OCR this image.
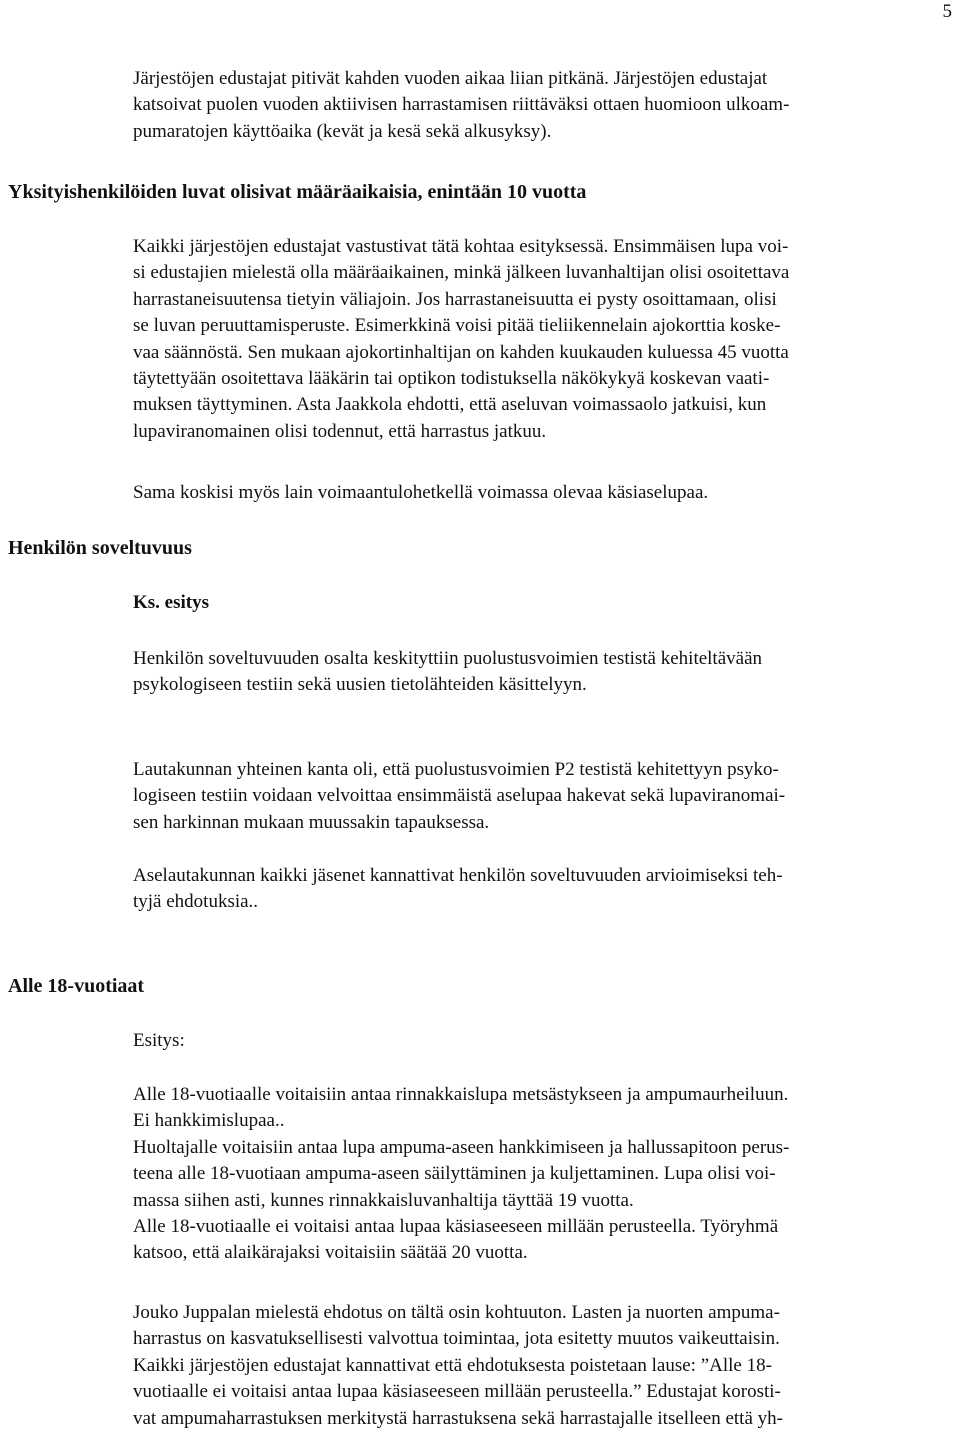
5
Järjestöjen edustajat pitivät kahden vuoden aikaa liian pitkänä. Järjestöjen edustajat
katsoivat puolen vuoden aktiivisen harrastamisen riittäväksi ottaen huomioon ulkoam-
pumaratojen käyttöaika (kevät ja kesä sekä alkusyksy).
Yksityishenkilöiden luvat olisivat määräaikaisia, enintään 10 vuotta
Kaikki järjestöjen edustajat vastustivat tätä kohtaa esityksessä. Ensimmäisen lupa voi-
si edustajien mielestä olla määräaikainen, minkä jälkeen luvanhaltijan olisi osoitettava
harrastaneisuutensa tietyin väliajoin. Jos harrastaneisuutta ei pysty osoittamaan, olisi
se luvan peruuttamisperuste. Esimerkkinä voisi pitää tieliikennelain ajokorttia koske-
vaa säännöstä. Sen mukaan ajokortinhaltijan on kahden kuukauden kuluessa 45 vuotta
täytettyään osoitettava lääkärin tai optikon todistuksella näkökykyä koskevan vaati-
muksen täyttyminen. Asta Jaakkola ehdotti, että aseluvan voimassaolo jatkuisi, kun
lupaviranomainen olisi todennut, että harrastus jatkuu.
Sama koskisi myös lain voimaantulohetkellä voimassa olevaa käsiaselupaa.
Henkilön soveltuvuus
Ks. esitys
Henkilön soveltuvuuden osalta keskityttiin puolustusvoimien testistä kehiteltävään
psykologiseen testiin sekä uusien tietolähteiden käsittelyyn.
Lautakunnan yhteinen kanta oli, että puolustusvoimien P2 testistä kehitettyyn psyko-
logiseen testiin voidaan velvoittaa ensimmäistä aselupaa hakevat sekä lupaviranomai-
sen harkinnan mukaan muussakin tapauksessa.
Aselautakunnan kaikki jäsenet kannattivat henkilön soveltuvuuden arvioimiseksi teh-
tyjä ehdotuksia..
Alle 18-vuotiaat
Esitys:
Alle 18-vuotiaalle voitaisiin antaa rinnakkaislupa metsästykseen ja ampumaurheiluun.
Ei hankkimislupaa..
Huoltajalle voitaisiin antaa lupa ampuma-aseen hankkimiseen ja hallussapitoon perus-
teena alle 18-vuotiaan ampuma-aseen säilyttäminen ja kuljettaminen. Lupa olisi voi-
massa siihen asti, kunnes rinnakkaisluvanhaltija täyttää 19 vuotta.
Alle 18-vuotiaalle ei voitaisi antaa lupaa käsiaseeseen millään perusteella. Työryhmä
katsoo, että alaikärajaksi voitaisiin säätää 20 vuotta.
Jouko Juppalan mielestä ehdotus on tältä osin kohtuuton. Lasten ja nuorten ampuma-
harrastus on kasvatuksellisesti valvottua toimintaa, jota esitetty muutos vaikeuttaisin.
Kaikki järjestöjen edustajat kannattivat että ehdotuksesta poistetaan lause: ”Alle 18-
vuotiaalle ei voitaisi antaa lupaa käsiaseeseen millään perusteella.” Edustajat korosti-
vat ampumaharrastuksen merkitystä harrastuksena sekä harrastajalle itselleen että yh-
